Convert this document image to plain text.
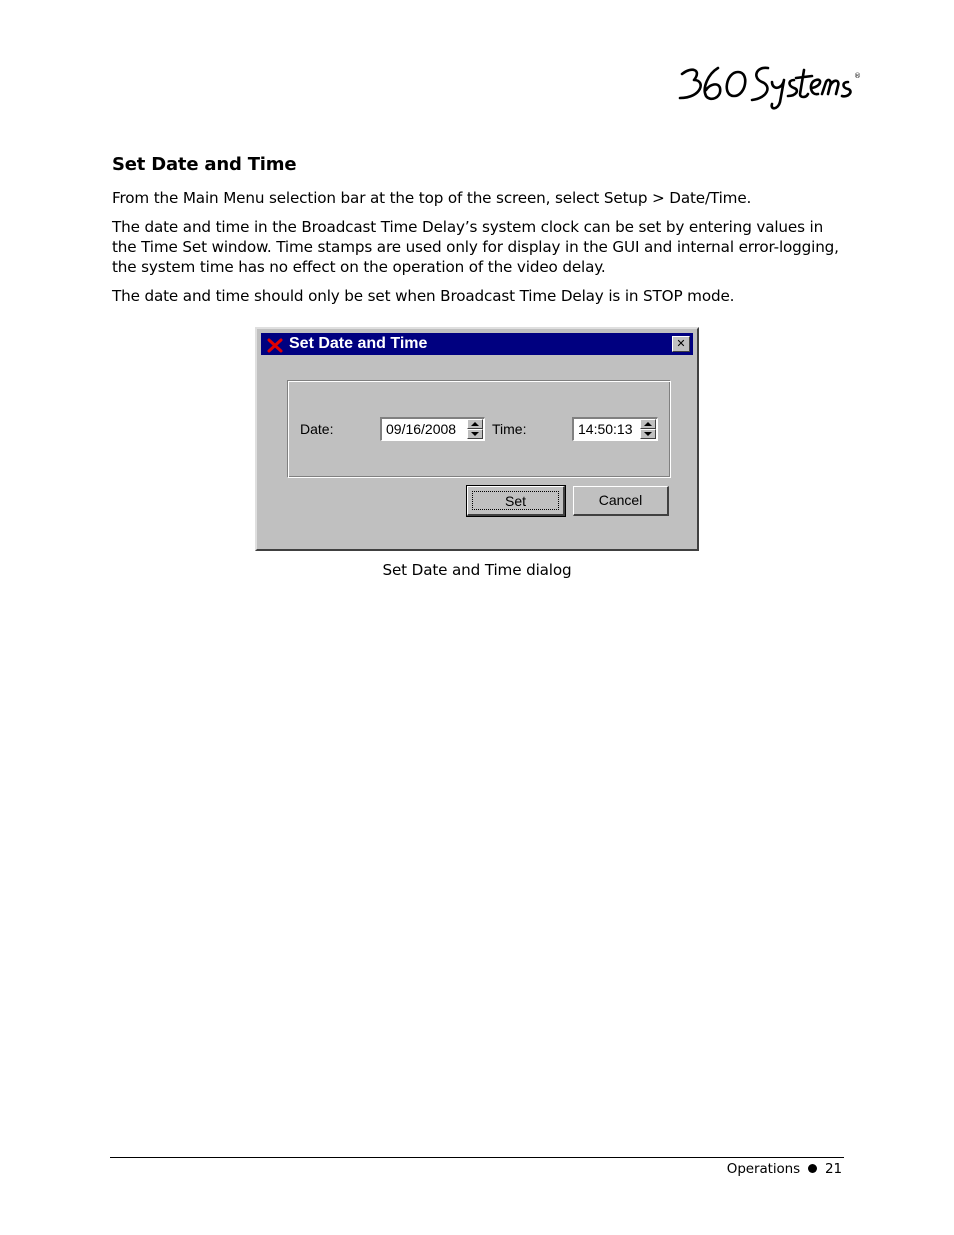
®
Set Date and Time
From the Main Menu selection bar at the top of the screen, select Setup > Date/Time.
The date and time in the Broadcast Time Delay’s system clock can be set by entering values in the Time Set window. Time stamps are used only for display in the GUI and internal error-logging, the system time has no effect on the operation of the video delay.
The date and time should only be set when Broadcast Time Delay is in STOP mode.
Set Date and Time	✕
Date:	09/16/2008	Time:	14:50:13
Set	Cancel
Set Date and Time dialog
Operations 21
